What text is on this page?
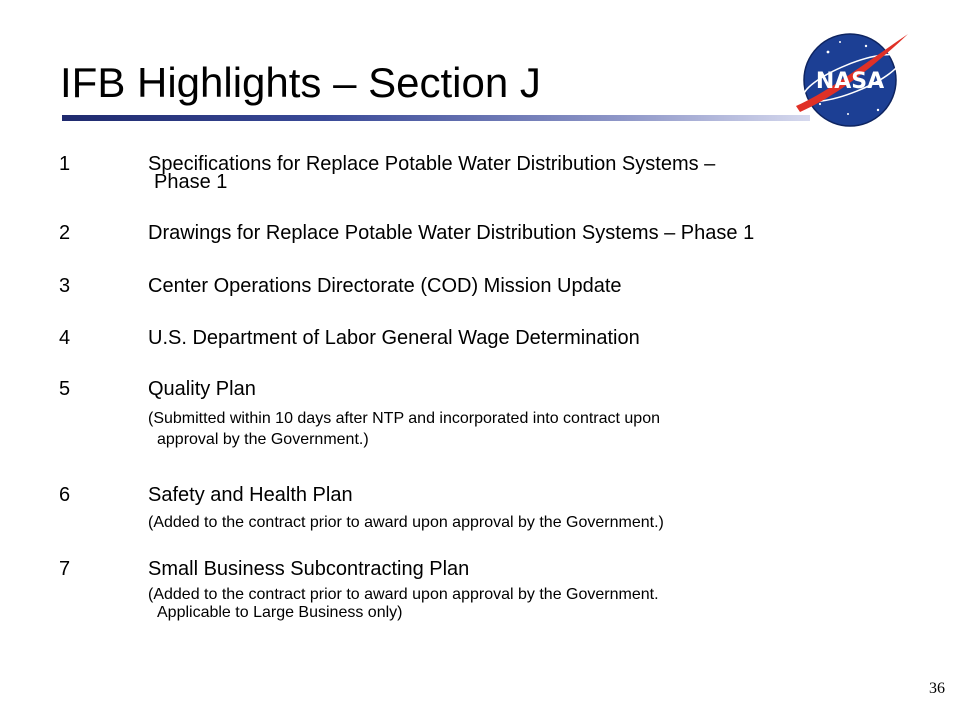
IFB Highlights – Section J	NASA
1	Specifications for Replace Potable Water Distribution Systems –
Phase 1
2	Drawings for Replace Potable Water Distribution Systems – Phase 1
3	Center Operations Directorate (COD) Mission Update
4	U.S. Department of Labor General Wage Determination
5	Quality Plan
(Submitted within 10 days after NTP and incorporated into contract upon
approval by the Government.)
6	Safety and Health Plan
(Added to the contract prior to award upon approval by the Government.)
7	Small Business Subcontracting Plan
(Added to the contract prior to award upon approval by the Government.
Applicable to Large Business only)
36
